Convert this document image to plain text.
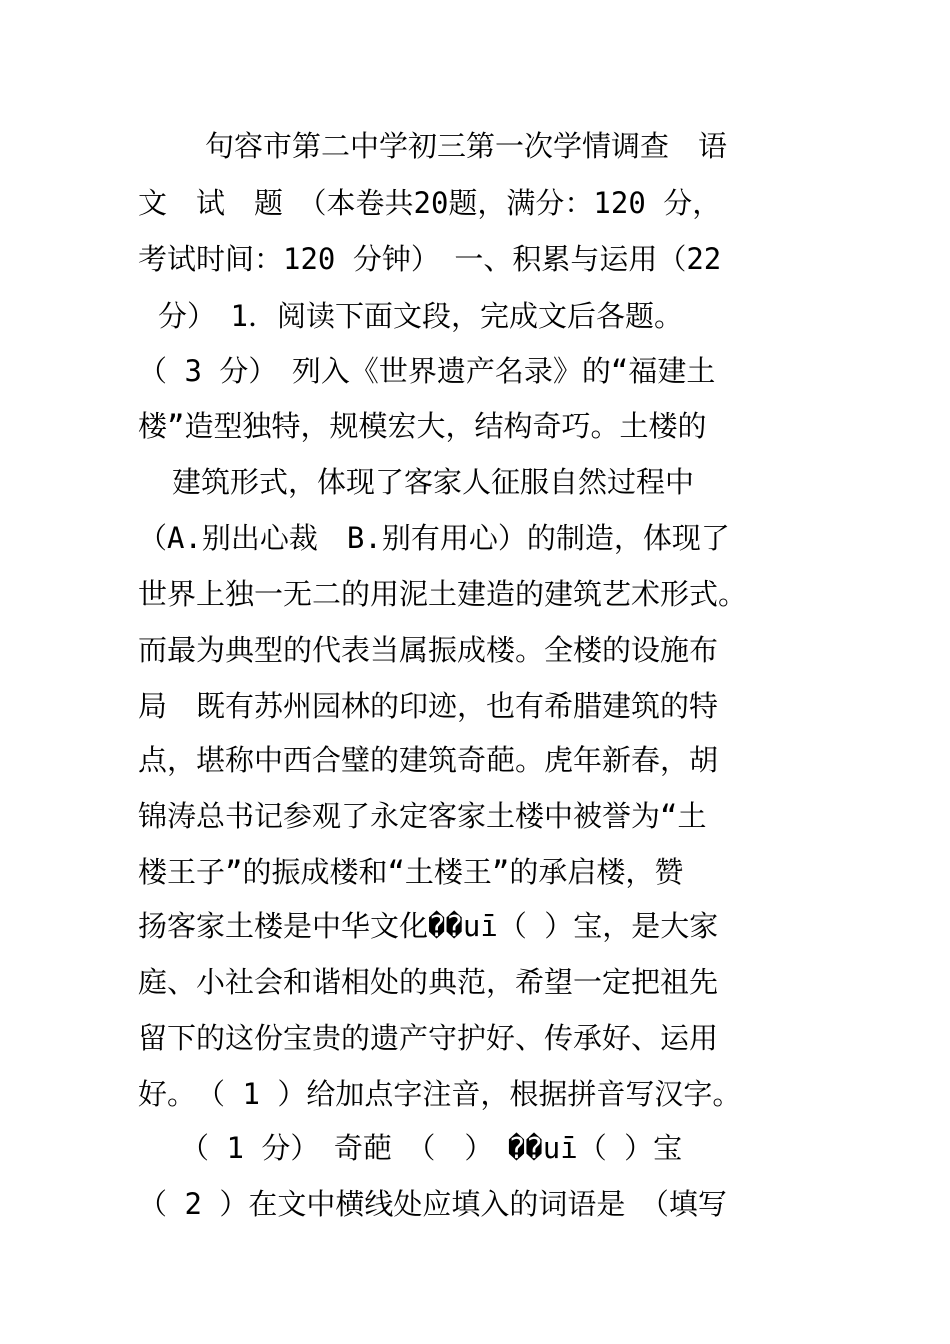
句容市第二中学初三第一次学情调查　语

文　试　题　（本卷共20题，满分：120 分，

考试时间：120 分钟）　一、积累与运用（22

分）　1．阅读下面文段，完成文后各题。

（ 3 分）　列入《世界遗产名录》的“福建土

楼”造型独特，规模宏大，结构奇巧。土楼的

建筑形式，体现了客家人征服自然过程中

（A.别出心裁　B.别有用心）的制造，体现了

世界上独一无二的用泥土建造的建筑艺术形式。

而最为典型的代表当属振成楼。全楼的设施布

局　既有苏州园林的印迹，也有希腊建筑的特

点，堪称中西合璧的建筑奇葩。虎年新春，胡

锦涛总书记参观了永定客家土楼中被誉为“土

楼王子”的振成楼和“土楼王”的承启楼，赞

扬客家土楼是中华文化��uī（ ）宝，是大家

庭、小社会和谐相处的典范，希望一定把祖先

留下的这份宝贵的遗产守护好、传承好、运用

好。　（ 1 ）给加点字注音，根据拼音写汉字。

（ 1 分）　奇葩　（　）　��uī（ ）宝

（ 2 ）在文中横线处应填入的词语是　（填写
